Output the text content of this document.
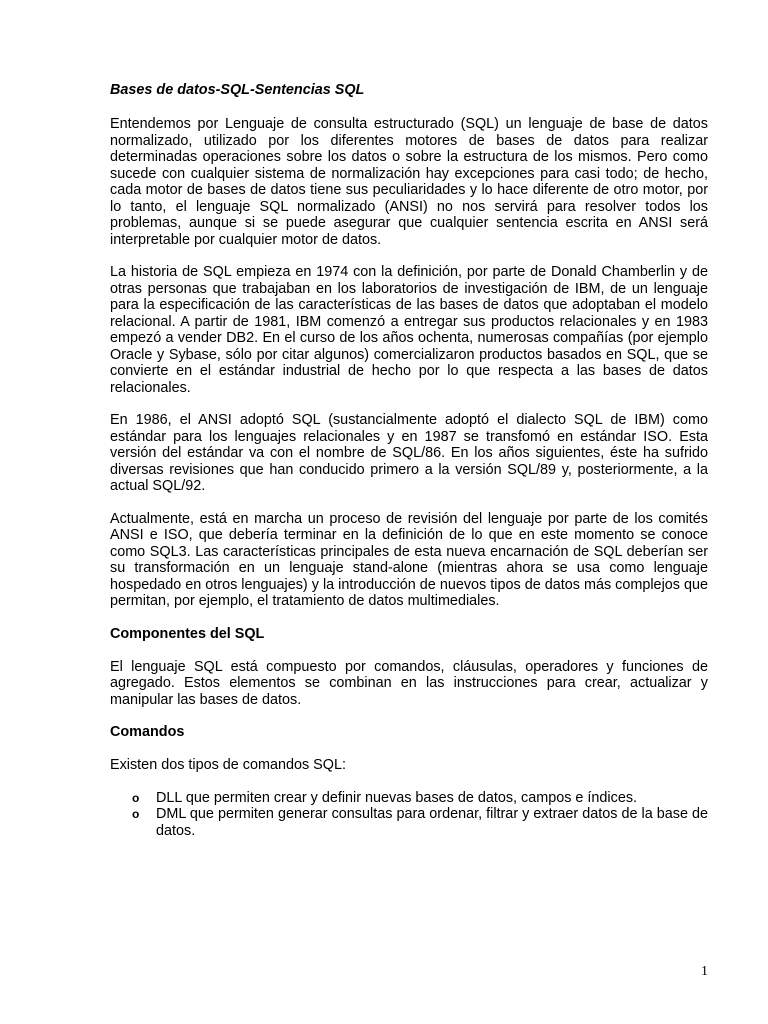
Bases de datos-SQL-Sentencias SQL

Entendemos por Lenguaje de consulta estructurado (SQL) un lenguaje de base de datos normalizado, utilizado por los diferentes motores de bases de datos para realizar determinadas operaciones sobre los datos o sobre la estructura de los mismos. Pero como sucede con cualquier sistema de normalización hay excepciones para casi todo; de hecho, cada motor de bases de datos tiene sus peculiaridades y lo hace diferente de otro motor, por lo tanto, el lenguaje SQL normalizado (ANSI) no nos servirá para resolver todos los problemas, aunque si se puede asegurar que cualquier sentencia escrita en ANSI será interpretable por cualquier motor de datos.

La historia de SQL empieza en 1974 con la definición, por parte de Donald Chamberlin y de otras personas que trabajaban en los laboratorios de investigación de IBM, de un lenguaje para la especificación de las características de las bases de datos que adoptaban el modelo relacional. A partir de 1981, IBM comenzó a entregar sus productos relacionales y en 1983 empezó a vender DB2. En el curso de los años ochenta, numerosas compañías (por ejemplo Oracle y Sybase, sólo por citar algunos) comercializaron productos basados en SQL, que se convierte en el estándar industrial de hecho por lo que respecta a las bases de datos relacionales.

En 1986, el ANSI adoptó SQL (sustancialmente adoptó el dialecto SQL de IBM) como estándar para los lenguajes relacionales y en 1987 se transfomó en estándar ISO. Esta versión del estándar va con el nombre de SQL/86. En los años siguientes, éste ha sufrido diversas revisiones que han conducido primero a la versión SQL/89 y, posteriormente, a la actual SQL/92.

Actualmente, está en marcha un proceso de revisión del lenguaje por parte de los comités ANSI e ISO, que debería terminar en la definición de lo que en este momento se conoce como SQL3. Las características principales de esta nueva encarnación de SQL deberían ser su transformación en un lenguaje stand-alone (mientras ahora se usa como lenguaje hospedado en otros lenguajes) y la introducción de nuevos tipos de datos más complejos que permitan, por ejemplo, el tratamiento de datos multimediales.

Componentes del SQL

El lenguaje SQL está compuesto por comandos, cláusulas, operadores y funciones de agregado. Estos elementos se combinan en las instrucciones para crear, actualizar y manipular las bases de datos.

Comandos

Existen dos tipos de comandos SQL:

o DLL que permiten crear y definir nuevas bases de datos, campos e índices.
o DML que permiten generar consultas para ordenar, filtrar y extraer datos de la base de datos.
1
